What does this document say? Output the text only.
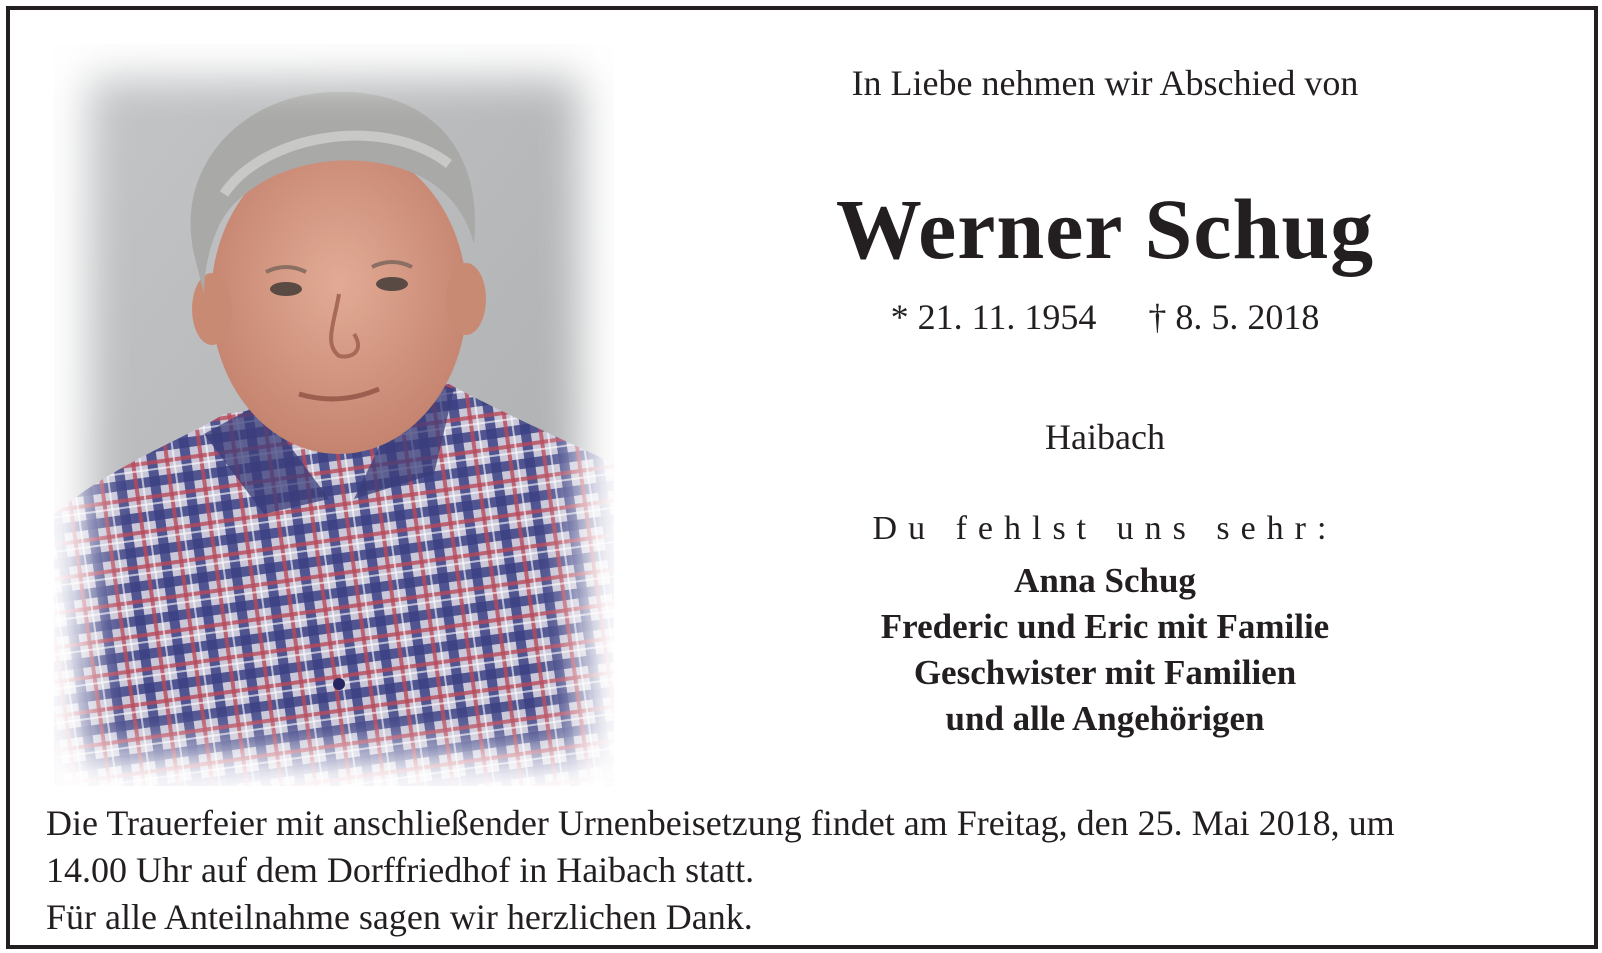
In Liebe nehmen wir Abschied von
Werner Schug
* 21. 11. 1954 † 8. 5. 2018
Haibach
Du fehlst uns sehr:
Anna Schug
Frederic und Eric mit Familie
Geschwister mit Familien
und alle Angehörigen
Die Trauerfeier mit anschließender Urnenbeisetzung findet am Freitag, den 25. Mai 2018, um
14.00 Uhr auf dem Dorffriedhof in Haibach statt.
Für alle Anteilnahme sagen wir herzlichen Dank.
